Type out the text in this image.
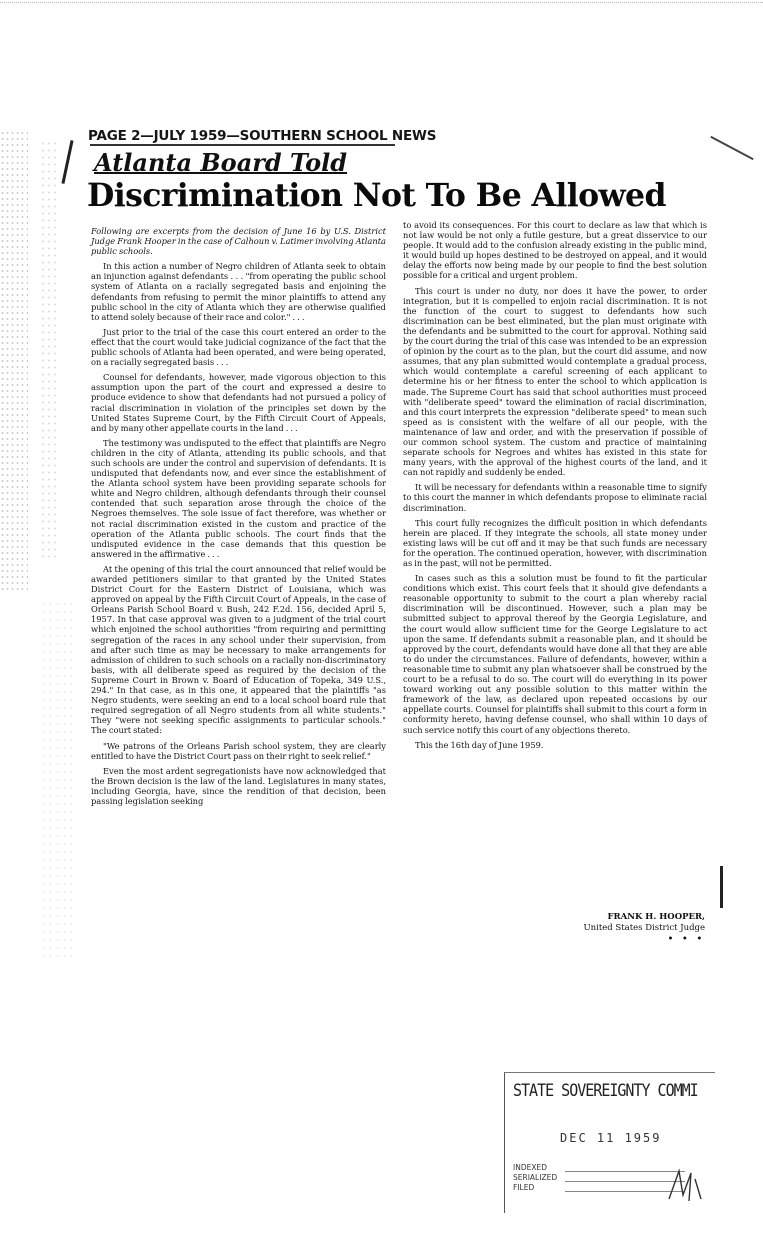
PAGE 2—JULY 1959—SOUTHERN SCHOOL NEWS
Atlanta Board Told
Discrimination Not To Be Allowed

Following are excerpts from the decision of June 16 by U.S. District Judge Frank Hooper in the case of Calhoun v. Latimer involving Atlanta public schools.

In this action a number of Negro children of Atlanta seek to obtain an injunction against defendants . . . "from operating the public school system of Atlanta on a racially segregated basis and enjoining the defendants from refusing to permit the minor plaintiffs to attend any public school in the city of Atlanta which they are otherwise qualified to attend solely because of their race and color." . . .

Just prior to the trial of the case this court entered an order to the effect that the court would take judicial cognizance of the fact that the public schools of Atlanta had been operated, and were being operated, on a racially segregated basis . . .

Counsel for defendants, however, made vigorous objection to this assumption upon the part of the court and expressed a desire to produce evidence to show that defendants had not pursued a policy of racial discrimination in violation of the principles set down by the United States Supreme Court, by the Fifth Circuit Court of Appeals, and by many other appellate courts in the land . . .

The testimony was undisputed to the effect that plaintiffs are Negro children in the city of Atlanta, attending its public schools, and that such schools are under the control and supervision of defendants. It is undisputed that defendants now, and ever since the establishment of the Atlanta school system have been providing separate schools for white and Negro children, although defendants through their counsel contended that such separation arose through the choice of the Negroes themselves. The sole issue of fact therefore, was whether or not racial discrimination existed in the custom and practice of the operation of the Atlanta public schools. The court finds that the undisputed evidence in the case demands that this question be answered in the affirmative . . .

At the opening of this trial the court announced that relief would be awarded petitioners similar to that granted by the United States District Court for the Eastern District of Louisiana, which was approved on appeal by the Fifth Circuit Court of Appeals, in the case of Orleans Parish School Board v. Bush, 242 F.2d. 156, decided April 5, 1957. In that case approval was given to a judgment of the trial court which enjoined the school authorities "from requiring and permitting segregation of the races in any school under their supervision, from and after such time as may be necessary to make arrangements for admission of children to such schools on a racially non-discriminatory basis, with all deliberate speed as required by the decision of the Supreme Court in Brown v. Board of Education of Topeka, 349 U.S., 294." In that case, as in this one, it appeared that the plaintiffs "as Negro students, were seeking an end to a local school board rule that required segregation of all Negro students from all white students." They "were not seeking specific assignments to particular schools." The court stated:

"We patrons of the Orleans Parish school system, they are clearly entitled to have the District Court pass on their right to seek relief."

Even the most ardent segregationists have now acknowledged that the Brown decision is the law of the land. Legislatures in many states, including Georgia, have, since the rendition of that decision, been passing legislation seeking

to avoid its consequences. For this court to declare as law that which is not law would be not only a futile gesture, but a great disservice to our people. It would add to the confusion already existing in the public mind, it would build up hopes destined to be destroyed on appeal, and it would delay the efforts now being made by our people to find the best solution possible for a critical and urgent problem.

This court is under no duty, nor does it have the power, to order integration, but it is compelled to enjoin racial discrimination. It is not the function of the court to suggest to defendants how such discrimination can be best eliminated, but the plan must originate with the defendants and be submitted to the court for approval. Nothing said by the court during the trial of this case was intended to be an expression of opinion by the court as to the plan, but the court did assume, and now assumes, that any plan submitted would contemplate a gradual process, which would contemplate a careful screening of each applicant to determine his or her fitness to enter the school to which application is made. The Supreme Court has said that school authorities must proceed with "deliberate speed" toward the elimination of racial discrimination, and this court interprets the expression "deliberate speed" to mean such speed as is consistent with the welfare of all our people, with the maintenance of law and order, and with the preservation if possible of our common school system. The custom and practice of maintaining separate schools for Negroes and whites has existed in this state for many years, with the approval of the highest courts of the land, and it can not rapidly and suddenly be ended.

It will be necessary for defendants within a reasonable time to signify to this court the manner in which defendants propose to eliminate racial discrimination.

This court fully recognizes the difficult position in which defendants herein are placed. If they integrate the schools, all state money under existing laws will be cut off and it may be that such funds are necessary for the operation. The continued operation, however, with discrimination as in the past, will not be permitted.

In cases such as this a solution must be found to fit the particular conditions which exist. This court feels that it should give defendants a reasonable opportunity to submit to the court a plan whereby racial discrimination will be discontinued. However, such a plan may be submitted subject to approval thereof by the Georgia Legislature, and the court would allow sufficient time for the George Legislature to act upon the same. If defendants submit a reasonable plan, and it should be approved by the court, defendants would have done all that they are able to do under the circumstances. Failure of defendants, however, within a reasonable time to submit any plan whatsoever shall be construed by the court to be a refusal to do so. The court will do everything in its power toward working out any possible solution to this matter within the framework of the law, as declared upon repeated occasions by our appellate courts. Counsel for plaintiffs shall submit to this court a form in conformity hereto, having defense counsel, who shall within 10 days of such service notify this court of any objections thereto.

This the 16th day of June 1959.

FRANK H. HOOPER,
United States District Judge
• • •
STATE SOVEREIGNTY COMMI
DEC 11 1959
INDEXED
SERIALIZED
FILED
